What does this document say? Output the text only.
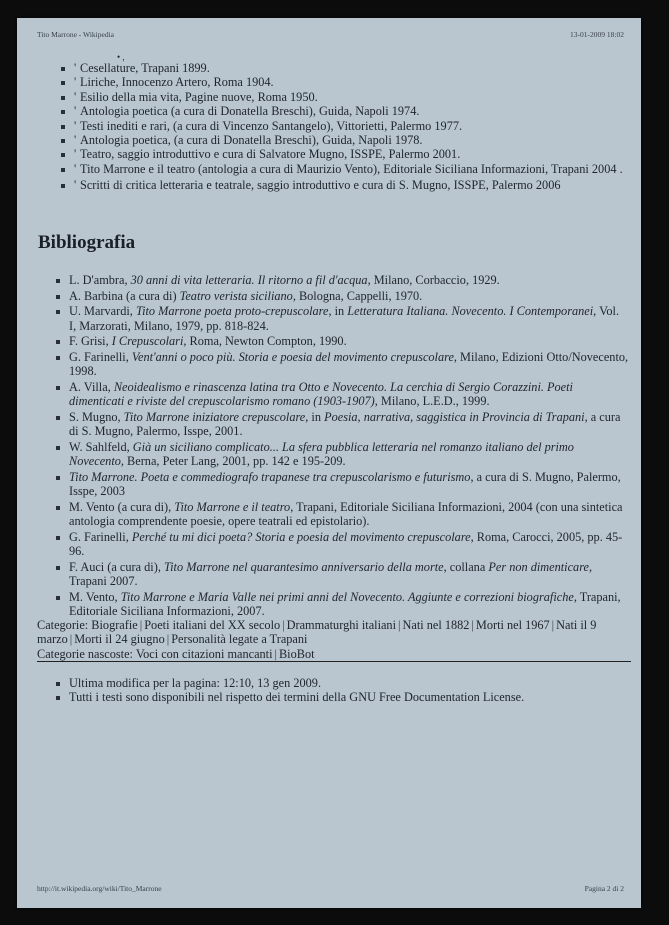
Tito Marrone - Wikipedia	13-01-2009 18:02
• ,
' Cesellature, Trapani 1899.
' Liriche, Innocenzo Artero, Roma 1904.
' Esilio della mia vita, Pagine nuove, Roma 1950.
' Antologia poetica (a cura di Donatella Breschi), Guida, Napoli 1974.
' Testi inediti e rari, (a cura di Vincenzo Santangelo), Vittorietti, Palermo 1977.
' Antologia poetica, (a cura di Donatella Breschi), Guida, Napoli 1978.
' Teatro, saggio introduttivo e cura di Salvatore Mugno, ISSPE, Palermo 2001.
' Tito Marrone e il teatro (antologia a cura di Maurizio Vento), Editoriale Siciliana Informazioni, Trapani 2004 .
' Scritti di critica letteraria e teatrale, saggio introduttivo e cura di S. Mugno, ISSPE, Palermo 2006
Bibliografia
L. D'ambra, 30 anni di vita letteraria. Il ritorno a fil d'acqua, Milano, Corbaccio, 1929.
A. Barbina (a cura di) Teatro verista siciliano, Bologna, Cappelli, 1970.
U. Marvardi, Tito Marrone poeta proto-crepuscolare, in Letteratura Italiana. Novecento. I Contemporanei, Vol. I, Marzorati, Milano, 1979, pp. 818-824.
F. Grisi, I Crepuscolari, Roma, Newton Compton, 1990.
G. Farinelli, Vent'anni o poco più. Storia e poesia del movimento crepuscolare, Milano, Edizioni Otto/Novecento, 1998.
A. Villa, Neoidealismo e rinascenza latina tra Otto e Novecento. La cerchia di Sergio Corazzini. Poeti dimenticati e riviste del crepuscolarismo romano (1903-1907), Milano, L.E.D., 1999.
S. Mugno, Tito Marrone iniziatore crepuscolare, in Poesia, narrativa, saggistica in Provincia di Trapani, a cura di S. Mugno, Palermo, Isspe, 2001.
W. Sahlfeld, Già un siciliano complicato... La sfera pubblica letteraria nel romanzo italiano del primo Novecento, Berna, Peter Lang, 2001, pp. 142 e 195-209.
Tito Marrone. Poeta e commediografo trapanese tra crepuscolarismo e futurismo, a cura di S. Mugno, Palermo, Isspe, 2003
M. Vento (a cura di), Tito Marrone e il teatro, Trapani, Editoriale Siciliana Informazioni, 2004 (con una sintetica antologia comprendente poesie, opere teatrali ed epistolario).
G. Farinelli, Perché tu mi dici poeta? Storia e poesia del movimento crepuscolare, Roma, Carocci, 2005, pp. 45-96.
F. Auci (a cura di), Tito Marrone nel quarantesimo anniversario della morte, collana Per non dimenticare, Trapani 2007.
M. Vento, Tito Marrone e Maria Valle nei primi anni del Novecento. Aggiunte e correzioni biografiche, Trapani, Editoriale Siciliana Informazioni, 2007.
Categorie: Biografie | Poeti italiani del XX secolo | Drammaturghi italiani | Nati nel 1882 | Morti nel 1967 | Nati il 9 marzo | Morti il 24 giugno | Personalità legate a Trapani
Categorie nascoste: Voci con citazioni mancanti | BioBot
Ultima modifica per la pagina: 12:10, 13 gen 2009.
Tutti i testi sono disponibili nel rispetto dei termini della GNU Free Documentation License.
http://it.wikipedia.org/wiki/Tito_Marrone	Pagina 2 di 2
